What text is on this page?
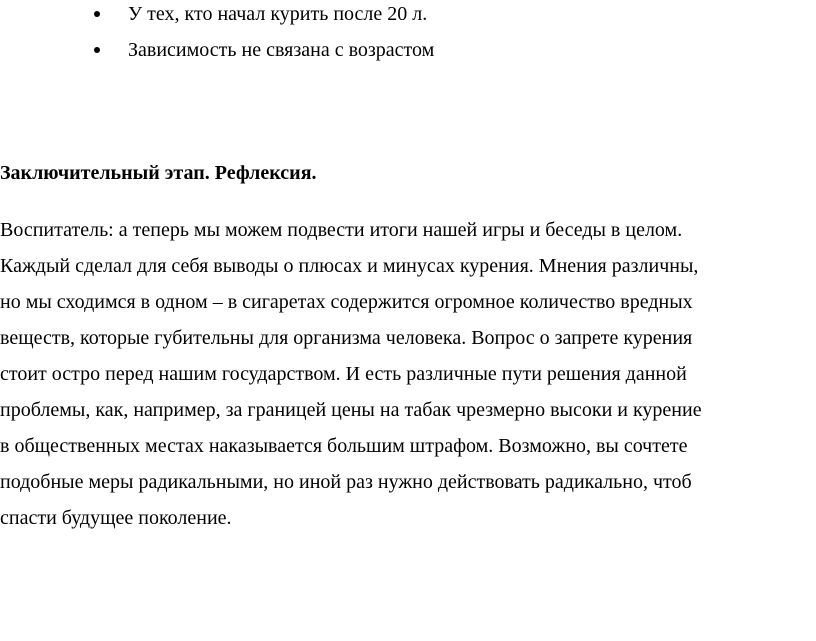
У тех, кто начал курить после 20 л.
Зависимость не связана с возрастом
Заключительный этап. Рефлексия.
Воспитатель: а теперь мы можем подвести итоги нашей игры и беседы в целом.
Каждый сделал для себя выводы о плюсах и минусах курения. Мнения различны,
но мы сходимся в одном – в сигаретах содержится огромное количество вредных
веществ, которые губительны для организма человека. Вопрос о запрете курения
стоит остро перед нашим государством. И есть различные пути решения данной
проблемы, как, например, за границей цены на табак чрезмерно высоки и курение
в общественных местах наказывается большим штрафом. Возможно, вы сочтете
подобные меры радикальными, но иной раз нужно действовать радикально, чтоб
спасти будущее поколение.
